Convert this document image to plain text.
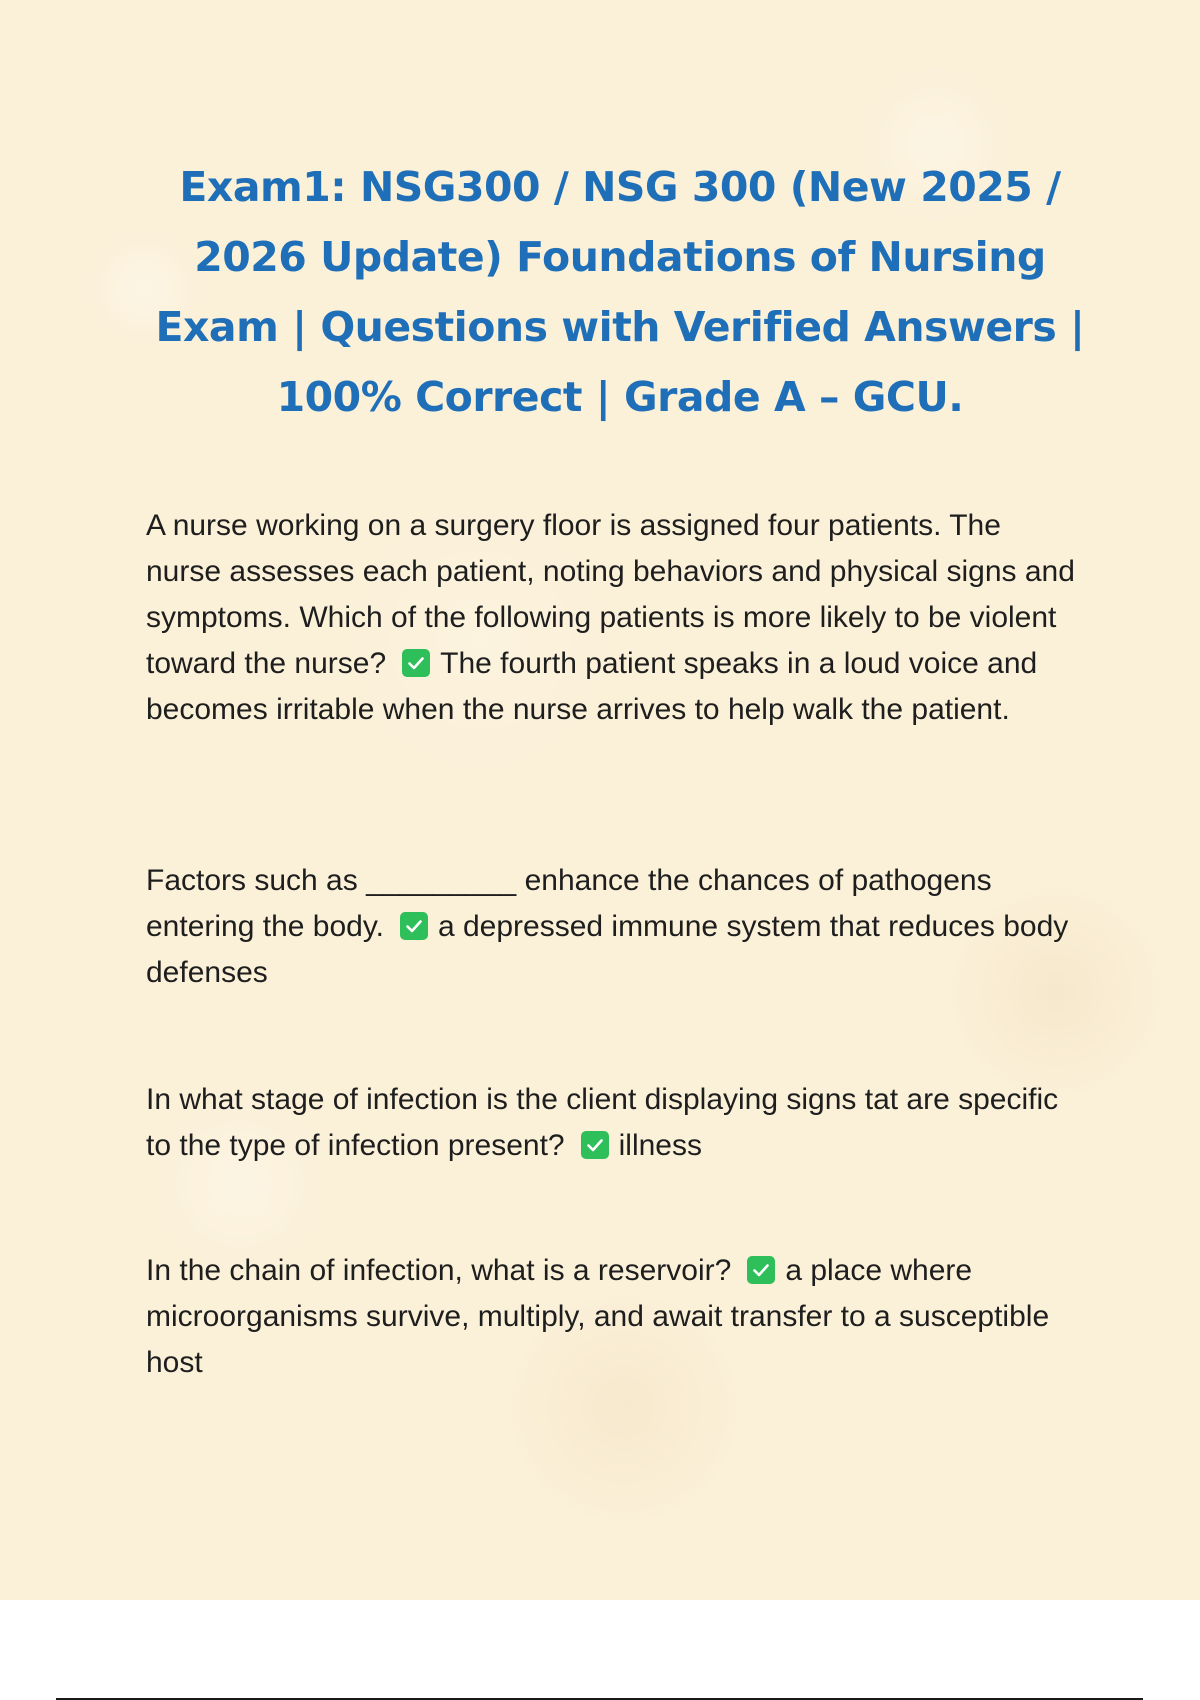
Exam1: NSG300 / NSG 300 (New 2025 / 2026 Update) Foundations of Nursing Exam | Questions with Verified Answers | 100% Correct | Grade A – GCU.

A nurse working on a surgery floor is assigned four patients. The nurse assesses each patient, noting behaviors and physical signs and symptoms. Which of the following patients is more likely to be violent toward the nurse? The fourth patient speaks in a loud voice and becomes irritable when the nurse arrives to help walk the patient.

Factors such as _________ enhance the chances of pathogens entering the body. a depressed immune system that reduces body defenses

In what stage of infection is the client displaying signs tat are specific to the type of infection present? illness

In the chain of infection, what is a reservoir? a place where microorganisms survive, multiply, and await transfer to a susceptible host
